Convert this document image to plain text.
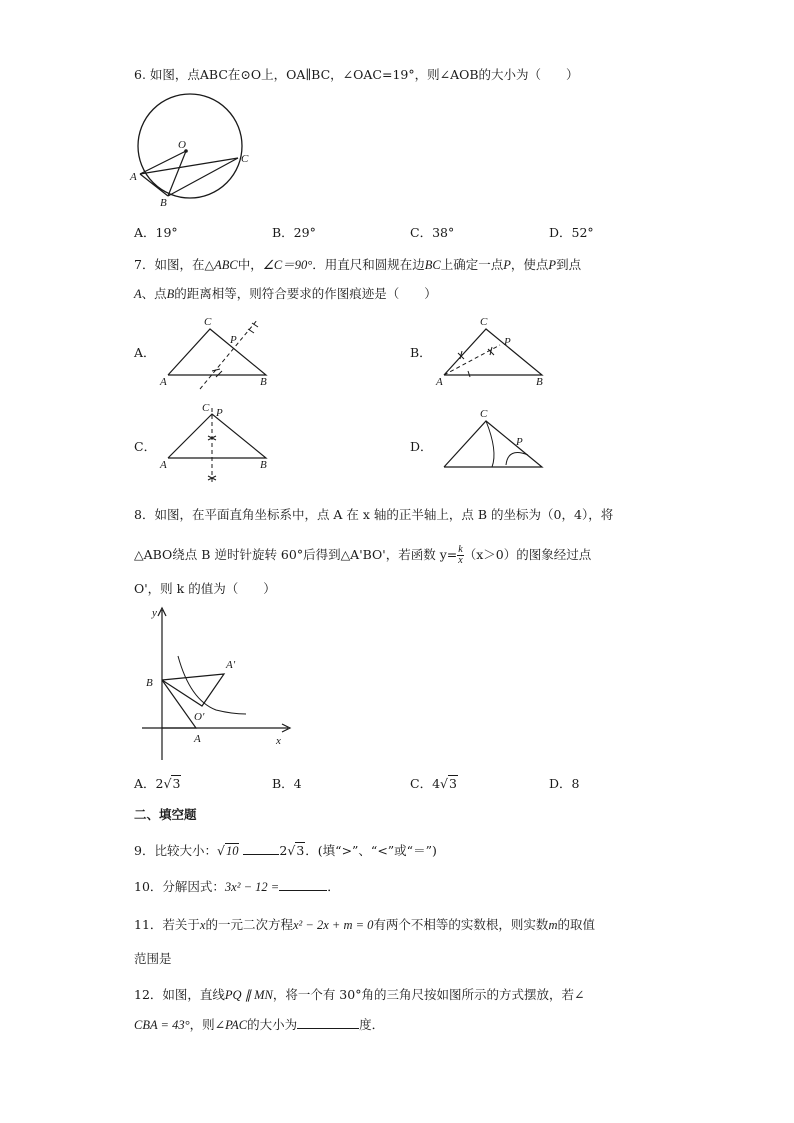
6. 如图，点ABC在⊙O上，OA∥BC，∠OAC=19°，则∠AOB的大小为（　　）
O
A
B
C
A．19°	B．29°	C．38°	D．52°
7．如图，在△ABC中，∠C＝90°．用直尺和圆规在边BC上确定一点P，使点P到点
A、点B的距离相等，则符合要求的作图痕迹是（　　）
A．
C
P
A	B
B．
C
P
A	B
C．
C P
A	B
D．
C
P
8．如图，在平面直角坐标系中，点 A 在 x 轴的正半轴上，点 B 的坐标为（0，4），将
△ABO绕点 B 逆时针旋转 60°后得到△A'BO'，若函数 $y= \frac{k}{x} (x>0)$的图象经过点
O'，则 k 的值为（　　）
y
x
B
A
A′
O′
A．2√3	B．4	C．4√3	D．8
二、填空题
9．比较大小：√10	2√3．(填“>”、“<”或“＝”)
10．分解因式：3x² − 12 =	．
11．若关于x的一元二次方程x² − 2x + m = 0有两个不相等的实数根，则实数m的取值
范围是
12．如图，直线PQ ∥ MN，将一个有 30°角的三角尺按如图所示的方式摆放，若∠
CBA = 43°，则∠PAC的大小为	度．
